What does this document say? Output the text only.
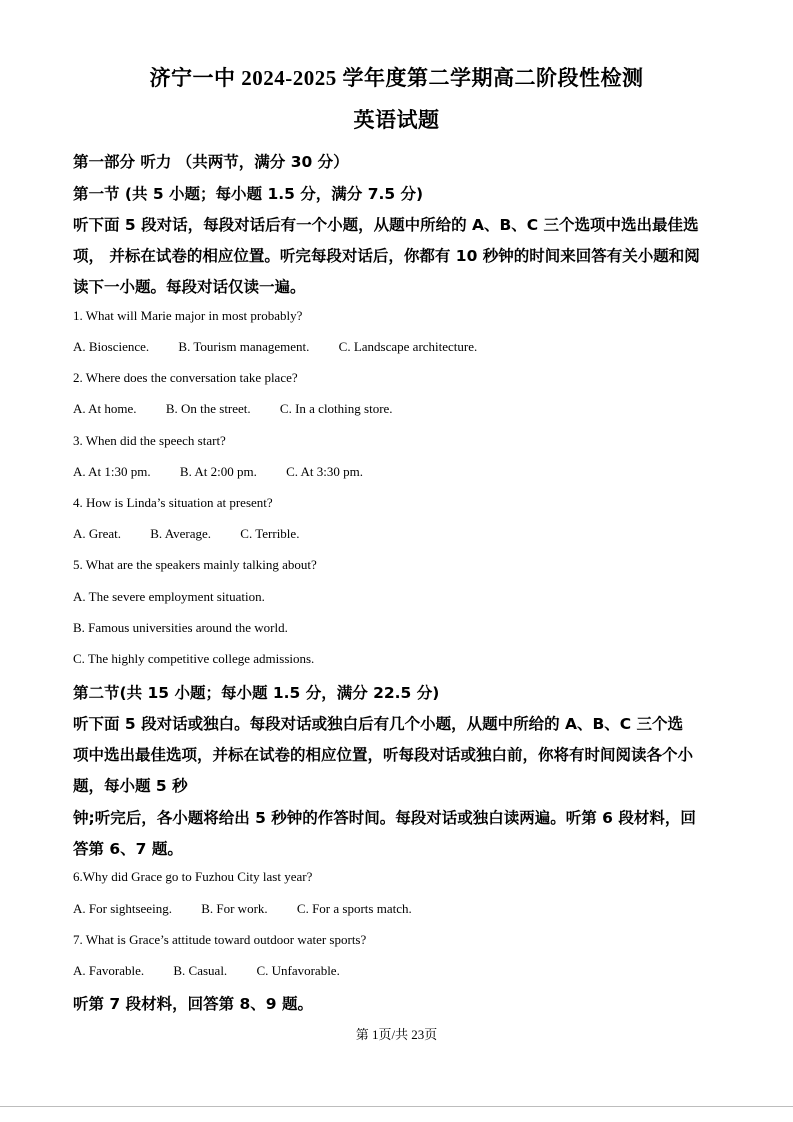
济宁一中 2024-2025 学年度第二学期高二阶段性检测
英语试题
第一部分 听力 （共两节，满分 30 分）
第一节 (共 5 小题；每小题 1.5 分，满分 7.5 分)
听下面 5 段对话，每段对话后有一个小题，从题中所给的 A、B、C 三个选项中选出最佳选
项， 并标在试卷的相应位置。听完每段对话后，你都有 10 秒钟的时间来回答有关小题和阅
读下一小题。每段对话仅读一遍。
1. What will Marie major in most probably?
A. Bioscience. B. Tourism management. C. Landscape architecture.
2. Where does the conversation take place?
A. At home. B. On the street. C. In a clothing store.
3. When did the speech start?
A. At 1:30 pm. B. At 2:00 pm. C. At 3:30 pm.
4. How is Linda’s situation at present?
A. Great. B. Average. C. Terrible.
5. What are the speakers mainly talking about?
A. The severe employment situation.
B. Famous universities around the world.
C. The highly competitive college admissions.
第二节(共 15 小题；每小题 1.5 分，满分 22.5 分)
听下面 5 段对话或独白。每段对话或独白后有几个小题，从题中所给的 A、B、C 三个选
项中选出最佳选项，并标在试卷的相应位置，听每段对话或独白前，你将有时间阅读各个小
题，每小题 5 秒
钟;听完后，各小题将给出 5 秒钟的作答时间。每段对话或独白读两遍。听第 6 段材料，回
答第 6、7 题。
6.Why did Grace go to Fuzhou City last year?
A. For sightseeing. B. For work. C. For a sports match.
7. What is Grace’s attitude toward outdoor water sports?
A. Favorable. B. Casual. C. Unfavorable.
听第 7 段材料，回答第 8、9 题。
第 1页/共 23页
